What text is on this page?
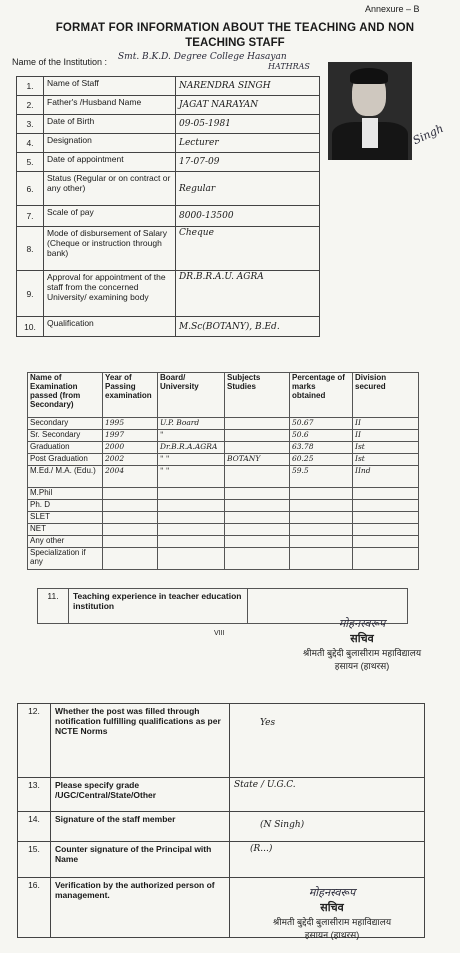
Annexure – B
FORMAT FOR INFORMATION ABOUT THE TEACHING AND NON
TEACHING STAFF
Name of the Institution : Smt. B.K.D. Degree College Hasayan
HATHRAS
1.	Name of Staff	NARENDRA SINGH
2.	Father's /Husband Name	JAGAT NARAYAN
3.	Date of Birth	09-05-1981
4.	Designation	Lecturer
5.	Date of appointment	17-07-09
6.	Status (Regular or on contract or any other)	Regular
7.	Scale of pay	8000-13500
8.	Mode of disbursement of Salary (Cheque or instruction through bank)	Cheque
9.	Approval for appointment of the staff from the concerned University/ examining body	DR.B.R.A.U. AGRA
10.	Qualification	M.Sc(BOTANY), B.Ed.
Singh
Name of Examination passed (from Secondary)	Year of Passing examination	Board/ University	Subjects Studies	Percentage of marks obtained	Division secured
Secondary	1995	U.P. Board		50.67	II
Sr. Secondary	1997	"		50.6	II
Graduation	2000	Dr.B.R.A.AGRA		63.78	Ist
Post Graduation	2002	" "	BOTANY	60.25	Ist
M.Ed./ M.A. (Edu.)	2004	" "		59.5	IInd
M.Phil					
Ph. D					
SLET					
NET					
Any other					
Specialization if any					
11.	Teaching experience in teacher education institution	
VIII
मोहनस्वरूप
सचिव
श्रीमती बुद्देदी बुलासीराम महाविद्यालय
हसायन (हाथरस)
12.	Whether the post was filled through notification fulfilling qualifications as per NCTE Norms	Yes
13.	Please specify grade /UGC/Central/State/Other	State / U.G.C.
14.	Signature of the staff member	(N Singh)
15.	Counter signature of the Principal with Name	(R...)
16.	Verification by the authorized person of management.		मोहनस्वरूप
सचिव
श्रीमती बुद्देदी बुलासीराम महाविद्यालय
हसायन (हाथरस)
